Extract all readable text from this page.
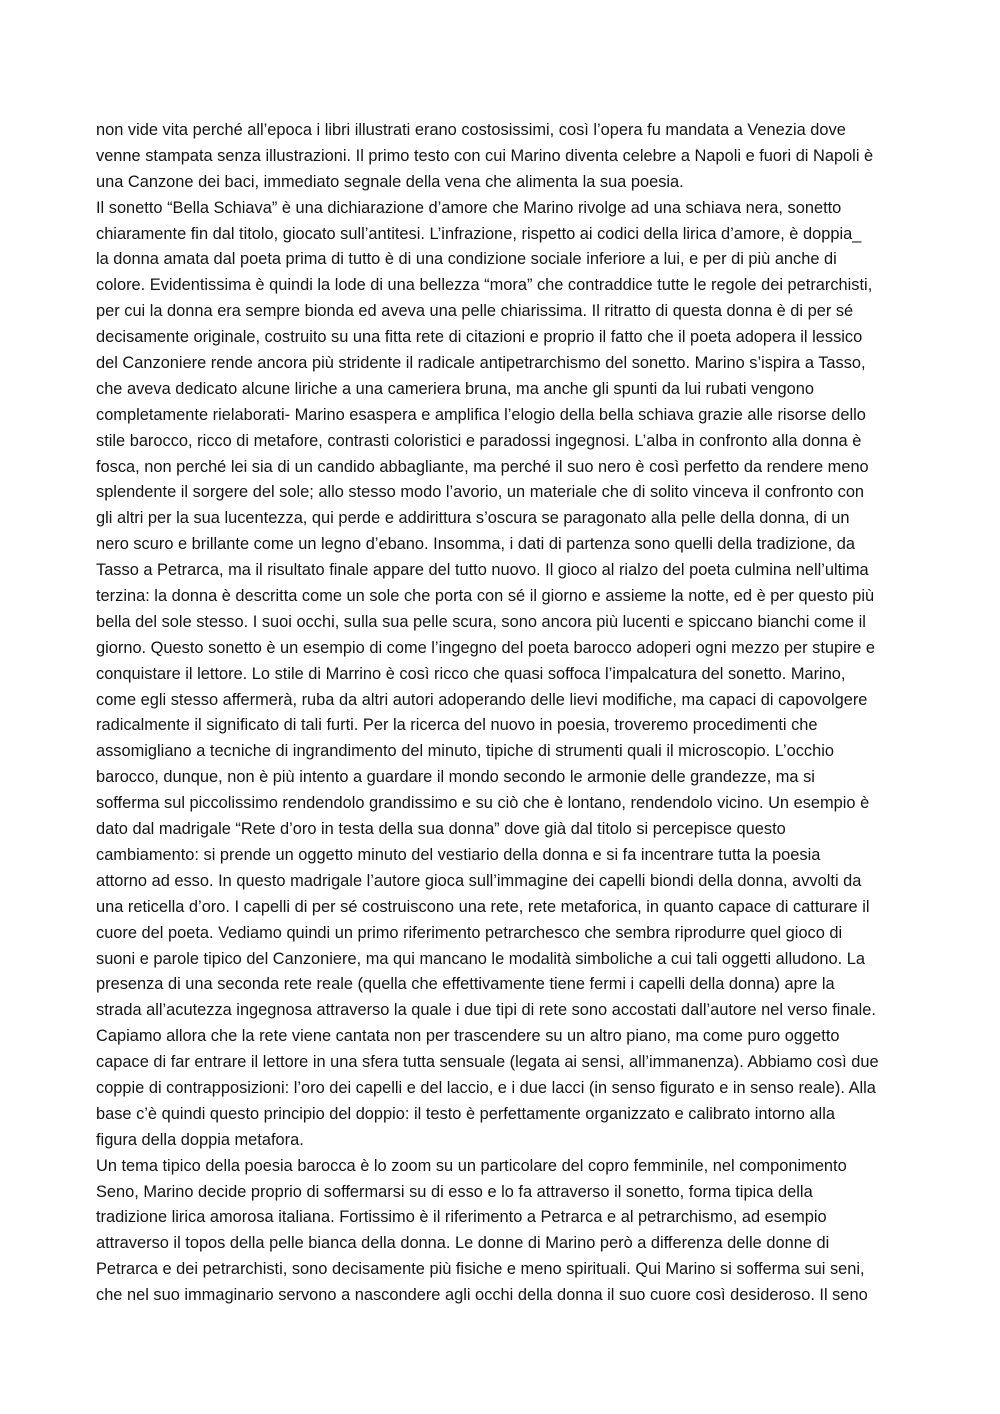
non vide vita perché all’epoca i libri illustrati erano costosissimi, così l’opera fu mandata a Venezia dove
venne stampata senza illustrazioni. Il primo testo con cui Marino diventa celebre a Napoli e fuori di Napoli è
una Canzone dei baci, immediato segnale della vena che alimenta la sua poesia.
Il sonetto “Bella Schiava” è una dichiarazione d’amore che Marino rivolge ad una schiava nera, sonetto
chiaramente fin dal titolo, giocato sull’antitesi. L’infrazione, rispetto ai codici della lirica d’amore, è doppia_
la donna amata dal poeta prima di tutto è di una condizione sociale inferiore a lui, e per di più anche di
colore. Evidentissima è quindi la lode di una bellezza “mora” che contraddice tutte le regole dei petrarchisti,
per cui la donna era sempre bionda ed aveva una pelle chiarissima. Il ritratto di questa donna è di per sé
decisamente originale, costruito su una fitta rete di citazioni e proprio il fatto che il poeta adopera il lessico
del Canzoniere rende ancora più stridente il radicale antipetrarchismo del sonetto. Marino s’ispira a Tasso,
che aveva dedicato alcune liriche a una cameriera bruna, ma anche gli spunti da lui rubati vengono
completamente rielaborati- Marino esaspera e amplifica l’elogio della bella schiava grazie alle risorse dello
stile barocco, ricco di metafore, contrasti coloristici e paradossi ingegnosi. L’alba in confronto alla donna è
fosca, non perché lei sia di un candido abbagliante, ma perché il suo nero è così perfetto da rendere meno
splendente il sorgere del sole; allo stesso modo l’avorio, un materiale che di solito vinceva il confronto con
gli altri per la sua lucentezza, qui perde e addirittura s’oscura se paragonato alla pelle della donna, di un
nero scuro e brillante come un legno d’ebano. Insomma, i dati di partenza sono quelli della tradizione, da
Tasso a Petrarca, ma il risultato finale appare del tutto nuovo. Il gioco al rialzo del poeta culmina nell’ultima
terzina: la donna è descritta come un sole che porta con sé il giorno e assieme la notte, ed è per questo più
bella del sole stesso. I suoi occhi, sulla sua pelle scura, sono ancora più lucenti e spiccano bianchi come il
giorno. Questo sonetto è un esempio di come l’ingegno del poeta barocco adoperi ogni mezzo per stupire e
conquistare il lettore. Lo stile di Marrino è così ricco che quasi soffoca l’impalcatura del sonetto. Marino,
come egli stesso affermerà, ruba da altri autori adoperando delle lievi modifiche, ma capaci di capovolgere
radicalmente il significato di tali furti. Per la ricerca del nuovo in poesia, troveremo procedimenti che
assomigliano a tecniche di ingrandimento del minuto, tipiche di strumenti quali il microscopio. L’occhio
barocco, dunque, non è più intento a guardare il mondo secondo le armonie delle grandezze, ma si
sofferma sul piccolissimo rendendolo grandissimo e su ciò che è lontano, rendendolo vicino. Un esempio è
dato dal madrigale “Rete d’oro in testa della sua donna” dove già dal titolo si percepisce questo
cambiamento: si prende un oggetto minuto del vestiario della donna e si fa incentrare tutta la poesia
attorno ad esso. In questo madrigale l’autore gioca sull’immagine dei capelli biondi della donna, avvolti da
una reticella d’oro. I capelli di per sé costruiscono una rete, rete metaforica, in quanto capace di catturare il
cuore del poeta. Vediamo quindi un primo riferimento petrarchesco che sembra riprodurre quel gioco di
suoni e parole tipico del Canzoniere, ma qui mancano le modalità simboliche a cui tali oggetti alludono. La
presenza di una seconda rete reale (quella che effettivamente tiene fermi i capelli della donna) apre la
strada all’acutezza ingegnosa attraverso la quale i due tipi di rete sono accostati dall’autore nel verso finale.
Capiamo allora che la rete viene cantata non per trascendere su un altro piano, ma come puro oggetto
capace di far entrare il lettore in una sfera tutta sensuale (legata ai sensi, all’immanenza). Abbiamo così due
coppie di contrapposizioni: l’oro dei capelli e del laccio, e i due lacci (in senso figurato e in senso reale). Alla
base c’è quindi questo principio del doppio: il testo è perfettamente organizzato e calibrato intorno alla
figura della doppia metafora.
Un tema tipico della poesia barocca è lo zoom su un particolare del copro femminile, nel componimento
Seno, Marino decide proprio di soffermarsi su di esso e lo fa attraverso il sonetto, forma tipica della
tradizione lirica amorosa italiana. Fortissimo è il riferimento a Petrarca e al petrarchismo, ad esempio
attraverso il topos della pelle bianca della donna. Le donne di Marino però a differenza delle donne di
Petrarca e dei petrarchisti, sono decisamente più fisiche e meno spirituali. Qui Marino si sofferma sui seni,
che nel suo immaginario servono a nascondere agli occhi della donna il suo cuore così desideroso. Il seno
